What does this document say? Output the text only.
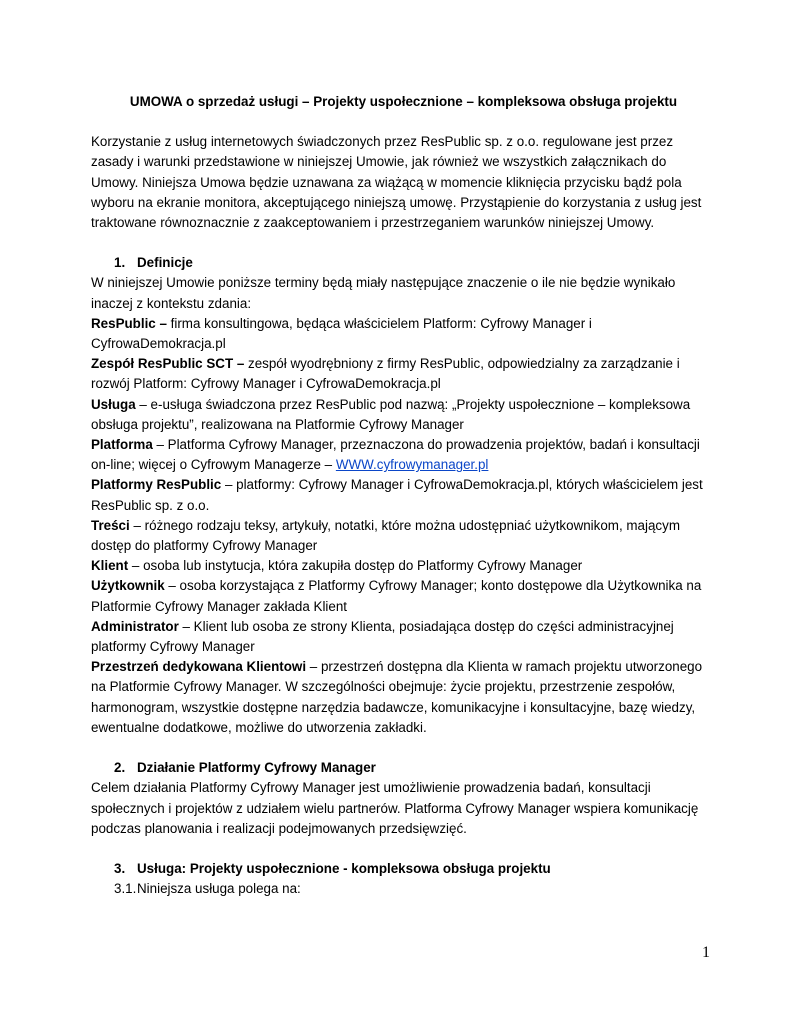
UMOWA o sprzedaż usługi – Projekty uspołecznione – kompleksowa obsługa projektu

Korzystanie z usług internetowych świadczonych przez ResPublic sp. z o.o. regulowane jest przez zasady i warunki przedstawione w niniejszej Umowie, jak również we wszystkich załącznikach do Umowy. Niniejsza Umowa będzie uznawana za wiążącą w momencie kliknięcia przycisku bądź pola wyboru na ekranie monitora, akceptującego niniejszą umowę. Przystąpienie do korzystania z usług jest traktowane równoznacznie z zaakceptowaniem i przestrzeganiem warunków niniejszej Umowy.

1. Definicje

W niniejszej Umowie poniższe terminy będą miały następujące znaczenie o ile nie będzie wynikało inaczej z kontekstu zdania:

ResPublic – firma konsultingowa, będąca właścicielem Platform: Cyfrowy Manager i CyfrowaDemokracja.pl

Zespół ResPublic SCT – zespół wyodrębniony z firmy ResPublic, odpowiedzialny za zarządzanie i rozwój Platform: Cyfrowy Manager i CyfrowaDemokracja.pl

Usługa – e-usługa świadczona przez ResPublic pod nazwą: „Projekty uspołecznione – kompleksowa obsługa projektu”, realizowana na Platformie Cyfrowy Manager

Platforma – Platforma Cyfrowy Manager, przeznaczona do prowadzenia projektów, badań i konsultacji on-line; więcej o Cyfrowym Managerze – WWW.cyfrowymanager.pl

Platformy ResPublic – platformy: Cyfrowy Manager i CyfrowaDemokracja.pl, których właścicielem jest ResPublic sp. z o.o.

Treści – różnego rodzaju teksy, artykuły, notatki, które można udostępniać użytkownikom, mającym dostęp do platformy Cyfrowy Manager

Klient – osoba lub instytucja, która zakupiła dostęp do Platformy Cyfrowy Manager

Użytkownik – osoba korzystająca z Platformy Cyfrowy Manager; konto dostępowe dla Użytkownika na Platformie Cyfrowy Manager zakłada Klient

Administrator – Klient lub osoba ze strony Klienta, posiadająca dostęp do części administracyjnej platformy Cyfrowy Manager

Przestrzeń dedykowana Klientowi – przestrzeń dostępna dla Klienta w ramach projektu utworzonego na Platformie Cyfrowy Manager. W szczególności obejmuje: życie projektu, przestrzenie zespołów, harmonogram, wszystkie dostępne narzędzia badawcze, komunikacyjne i konsultacyjne, bazę wiedzy, ewentualne dodatkowe, możliwe do utworzenia zakładki.

2. Działanie Platformy Cyfrowy Manager

Celem działania Platformy Cyfrowy Manager jest umożliwienie prowadzenia badań, konsultacji społecznych i projektów z udziałem wielu partnerów. Platforma Cyfrowy Manager wspiera komunikację podczas planowania i realizacji podejmowanych przedsięwzięć.

3. Usługa: Projekty uspołecznione - kompleksowa obsługa projektu

3.1.Niniejsza usługa polega na:

1
